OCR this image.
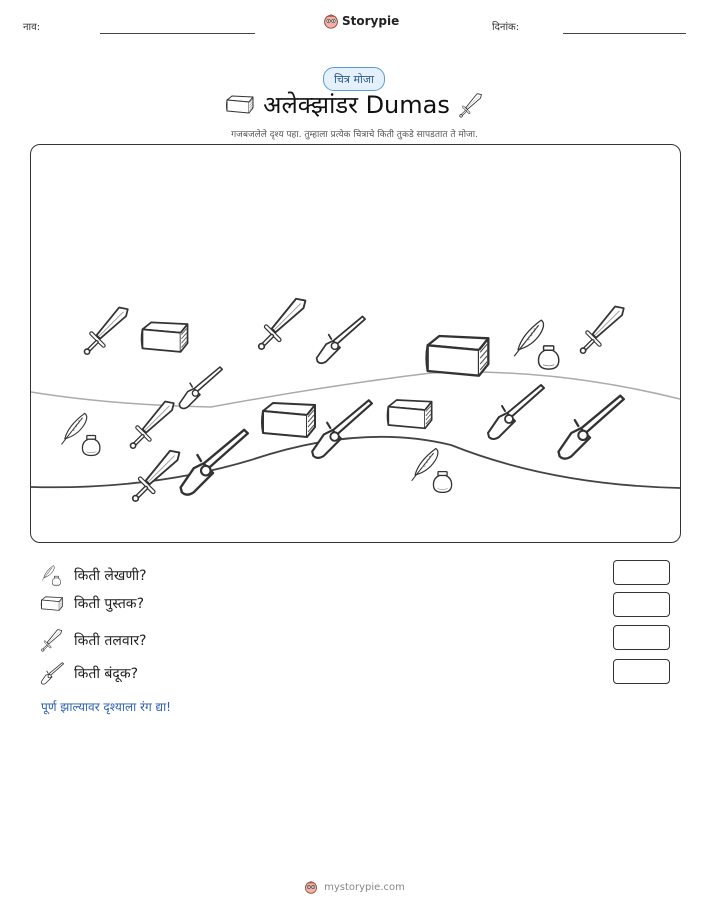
नाव:	Storypie	दिनांक:
चित्र मोजा
अलेक्झांडर Dumas
गजबजलेले दृश्य पहा. तुम्हाला प्रत्येक चित्राचे किती तुकडे सापडतात ते मोजा.
किती लेखणी?
किती पुस्तक?
किती तलवार?
किती बंदूक?
पूर्ण झाल्यावर दृश्याला रंग द्या!
mystorypie.com
